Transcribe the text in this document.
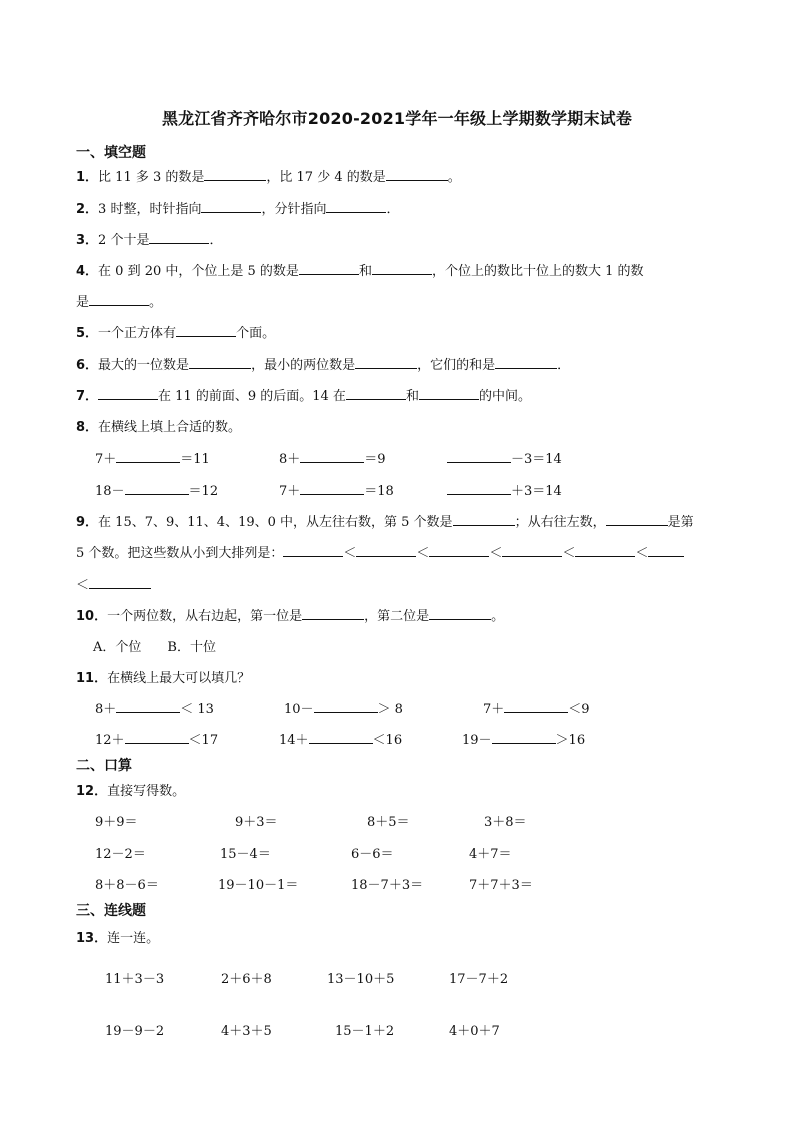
黑龙江省齐齐哈尔市2020-2021学年一年级上学期数学期末试卷
一、填空题
1．比 11 多 3 的数是	，比 17 少 4 的数是	。
2．3 时整，时针指向	，分针指向	．
3．2 个十是	．
4．在 0 到 20 中，个位上是 5 的数是	和	，个位上的数比十位上的数大 1 的数
是	。
5．一个正方体有	个面。
6．最大的一位数是	，最小的两位数是	，它们的和是	．
7．	在 11 的前面、9 的后面。14 在	和	的中间。
8．在横线上填上合适的数。
7＋	＝11	8＋	＝9	－3＝14
18－	＝12	7＋	＝18	＋3＝14
9．在 15、7、9、11、4、19、0 中，从左往右数，第 5 个数是	；从右往左数，	是第
5 个数。把这些数从小到大排列是：	＜	＜	＜	＜	＜
＜
10．一个两位数，从右边起，第一位是	，第二位是	。
A．个位　　B．十位
11．在横线上最大可以填几？
8＋	＜ 13	10－	＞ 8	7＋	＜9
12＋	＜17	14＋	＜16	19－	＞16
二、口算
12．直接写得数。
9＋9＝	9＋3＝	8＋5＝	3＋8＝
12－2＝	15－4＝	6－6＝	4＋7＝
8＋8－6＝	19－10－1＝	18－7＋3＝	7＋7＋3＝
三、连线题
13．连一连。
11＋3－3	2＋6＋8	13－10＋5	17－7＋2
19－9－2	4＋3＋5	15－1＋2	4＋0＋7
